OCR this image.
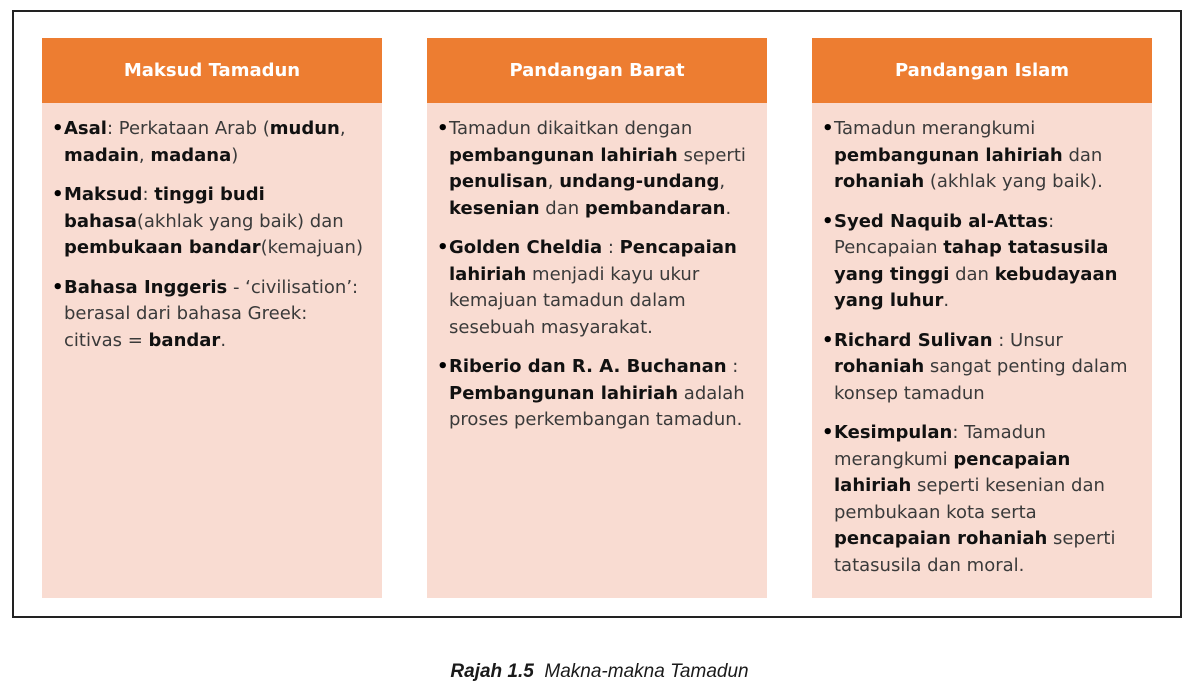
Maksud Tamadun
• Asal: Perkataan Arab (mudun, madain, madana)
• Maksud: tinggi budi bahasa(akhlak yang baik) dan pembukaan bandar(kemajuan)
• Bahasa Inggeris - ‘civilisation’: berasal dari bahasa Greek: citivas = bandar.
Pandangan Barat
• Tamadun dikaitkan dengan pembangunan lahiriah seperti penulisan, undang-undang, kesenian dan pembandaran.
• Golden Cheldia : Pencapaian lahiriah menjadi kayu ukur kemajuan tamadun dalam sesebuah masyarakat.
• Riberio dan R. A. Buchanan : Pembangunan lahiriah adalah proses perkembangan tamadun.
Pandangan Islam
• Tamadun merangkumi pembangunan lahiriah dan rohaniah (akhlak yang baik).
• Syed Naquib al-Attas: Pencapaian tahap tatasusila yang tinggi dan kebudayaan yang luhur.
• Richard Sulivan : Unsur rohaniah sangat penting dalam konsep tamadun
• Kesimpulan: Tamadun merangkumi pencapaian lahiriah seperti kesenian dan pembukaan kota serta pencapaian rohaniah seperti tatasusila dan moral.
Rajah 1.5 Makna-makna Tamadun
